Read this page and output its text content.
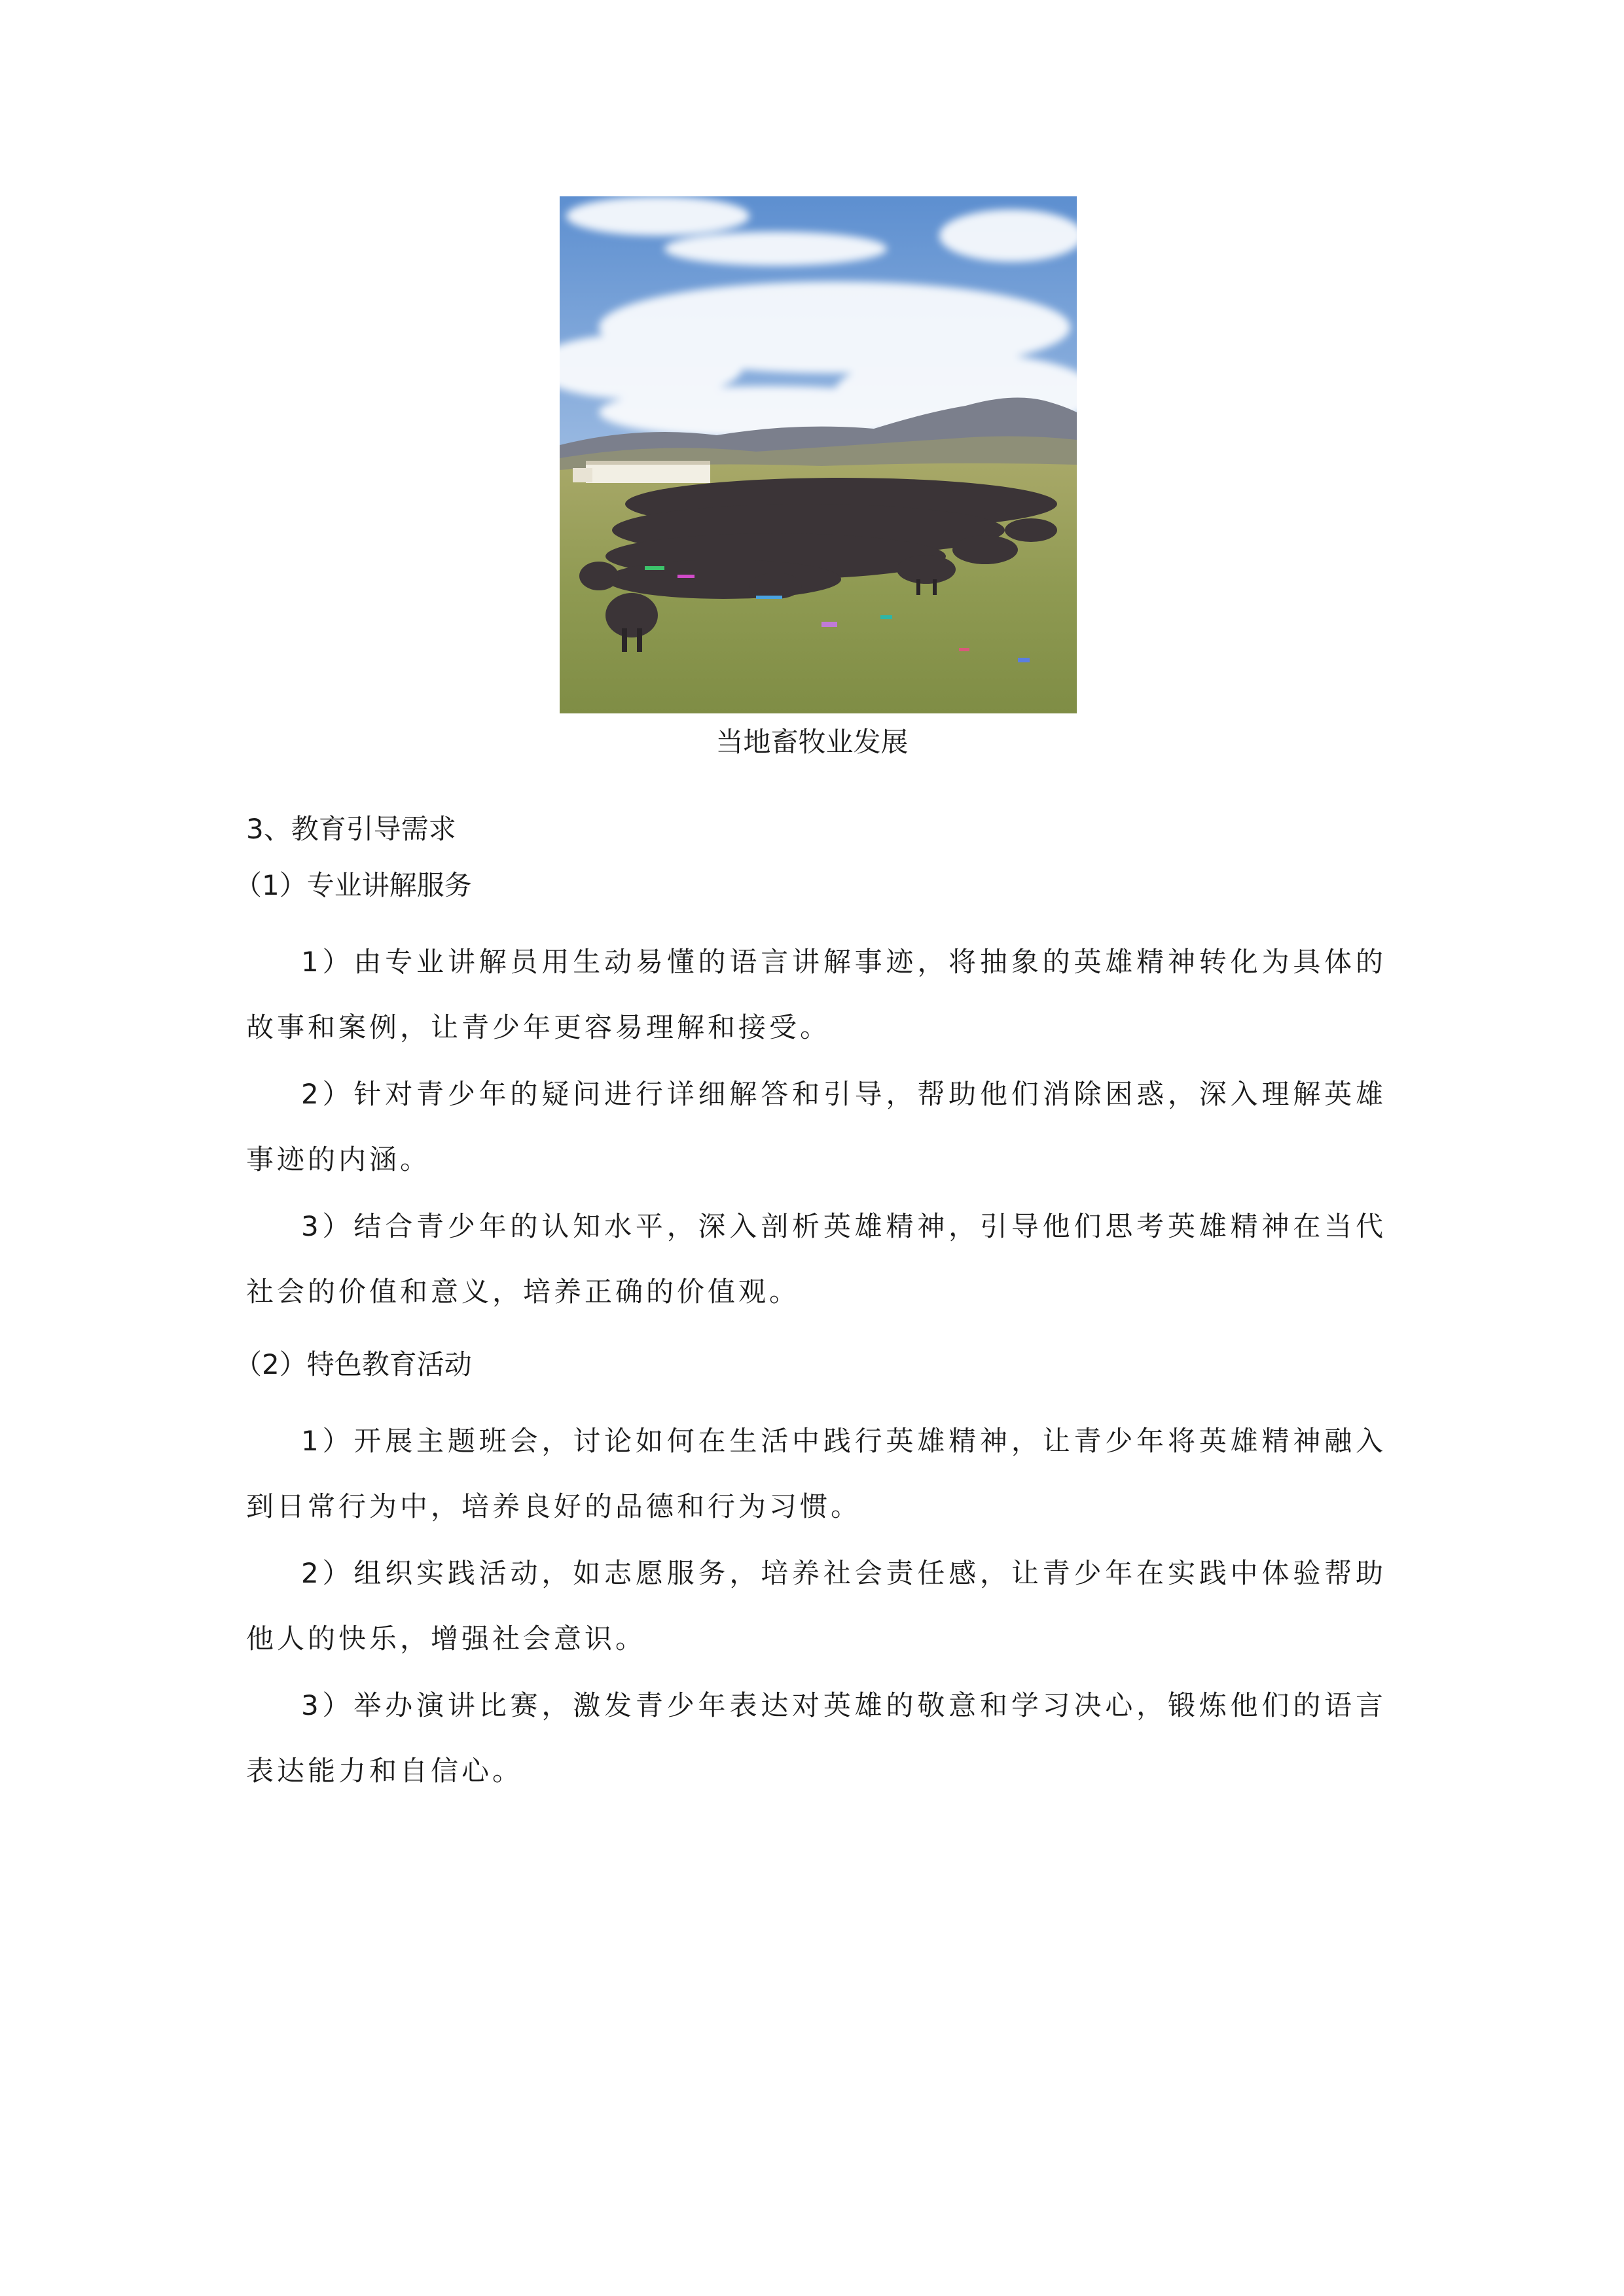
当地畜牧业发展

3、教育引导需求

（1）专业讲解服务

1）由专业讲解员用生动易懂的语言讲解事迹，将抽象的英雄精神转化为具体的故事和案例，让青少年更容易理解和接受。

2）针对青少年的疑问进行详细解答和引导，帮助他们消除困惑，深入理解英雄事迹的内涵。

3）结合青少年的认知水平，深入剖析英雄精神，引导他们思考英雄精神在当代社会的价值和意义，培养正确的价值观。

（2）特色教育活动

1）开展主题班会，讨论如何在生活中践行英雄精神，让青少年将英雄精神融入到日常行为中，培养良好的品德和行为习惯。

2）组织实践活动，如志愿服务，培养社会责任感，让青少年在实践中体验帮助他人的快乐，增强社会意识。

3）举办演讲比赛，激发青少年表达对英雄的敬意和学习决心，锻炼他们的语言表达能力和自信心。
